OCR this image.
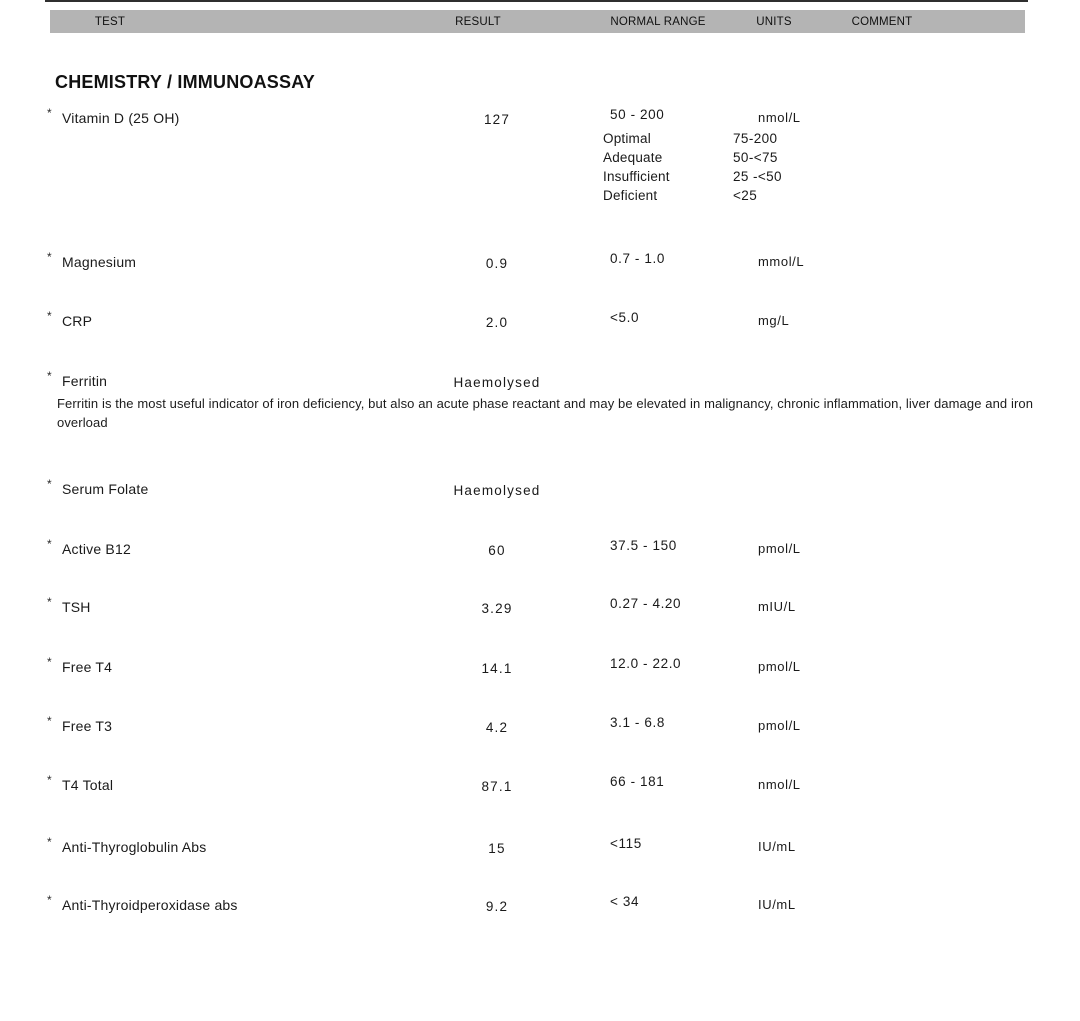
TEST	RESULT	NORMAL RANGE	UNITS	COMMENT
CHEMISTRY / IMMUNOASSAY
* Vitamin D (25 OH)	127	50 - 200	nmol/L
Optimal	75-200
Adequate	50-<75
Insufficient	25 -<50
Deficient	<25
* Magnesium	0.9	0.7 - 1.0	mmol/L
* CRP	2.0	<5.0	mg/L
* Ferritin	Haemolysed
Ferritin is the most useful indicator of iron deficiency, but also an acute phase reactant and may be elevated in malignancy, chronic inflammation, liver damage and iron overload
* Serum Folate	Haemolysed
* Active B12	60	37.5 - 150	pmol/L
* TSH	3.29	0.27 - 4.20	mIU/L
* Free T4	14.1	12.0 - 22.0	pmol/L
* Free T3	4.2	3.1 - 6.8	pmol/L
* T4 Total	87.1	66 - 181	nmol/L
* Anti-Thyroglobulin Abs	15	<115	IU/mL
* Anti-Thyroidperoxidase abs	9.2	< 34	IU/mL
